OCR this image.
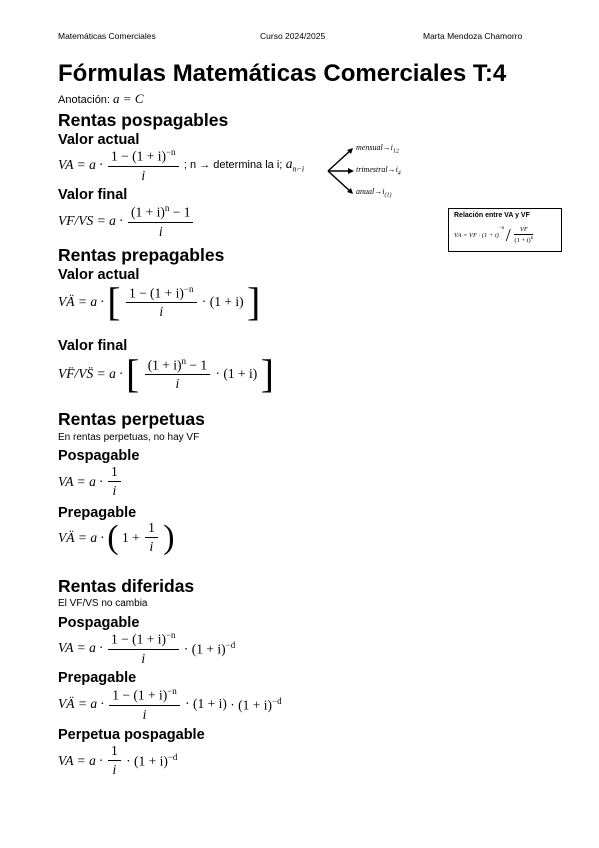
Matemáticas Comerciales	Curso 2024/2025	Marta Mendoza Chamorro
Fórmulas Matemáticas Comerciales T:4
Anotación: a = C
Rentas pospagables
Valor actual
VA = $a \cdot \frac{1 - (1 + i)^{-n}}{i}$ ; n → determina la i; $a_{n⌐i}$
$mensual\to i_{12}$
$trimestral\to i_4$
$anual\to i_{(1)}$
Valor final
$VF/VS = a \cdot \frac{(1 + i)^n - 1}{i}$	Relación entre VA y VF
VA = VF · $(1 + i)^{-n} / \frac{VF}{(1 + i)^n}$
Rentas prepagables
Valor actual
VÄ = a · [ $\frac{1 - (1 + i)^{-n}}{i} \cdot (1 + i)$ ]
Valor final
VF̈/VS̈ = a · [ $\frac{(1 + i)^n - 1}{i} \cdot (1 + i)$ ]
Rentas perpetuas
En rentas perpetuas, no hay VF
Pospagable
VA = $a \cdot \frac{1}{i}$
Prepagable
VÄ = a · ( $1 + \frac{1}{i}$ )
Rentas diferidas
El VF/VS no cambia
Pospagable
VA = $a \cdot \frac{1 - (1 + i)^{-n}}{i} \cdot (1 + i)^{-d}$
Prepagable
VÄ = $a \cdot \frac{1 - (1 + i)^{-n}}{i} \cdot (1 + i) \cdot (1 + i)^{-d}$
Perpetua pospagable
VA = $a \cdot \frac{1}{i} \cdot (1 + i)^{-d}$
